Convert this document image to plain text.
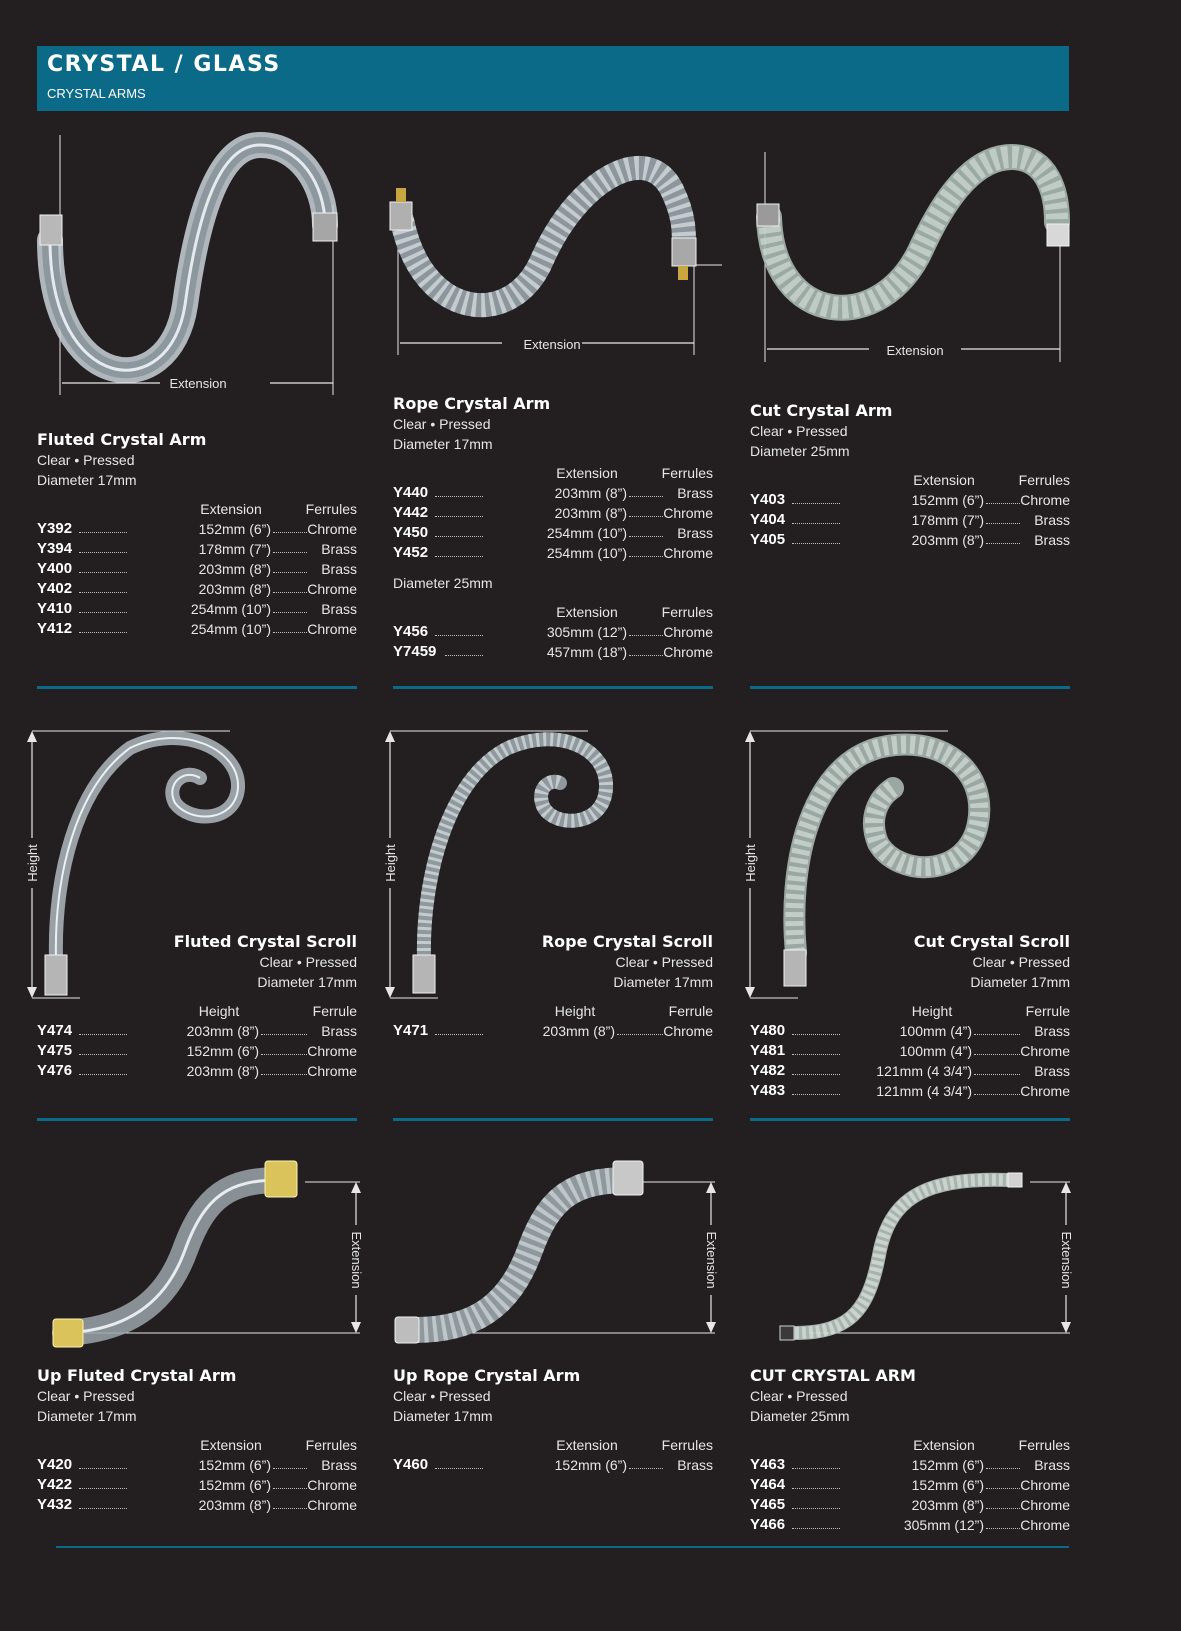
CRYSTAL / GLASS
CRYSTAL ARMS
Extension
Extension	Extension
Fluted Crystal Arm
Clear • Pressed
Diameter 17mm
Extension	Ferrules
Y392	152mm (6”)	Chrome
Y394	178mm (7”)	Brass
Y400	203mm (8”)	Brass
Y402	203mm (8”)	Chrome
Y410	254mm (10”)	Brass
Y412	254mm (10”)	Chrome
Rope Crystal Arm
Clear • Pressed
Diameter 17mm
Extension	Ferrules
Y440	203mm (8”)	Brass
Y442	203mm (8”)	Chrome
Y450	254mm (10”)	Brass
Y452	254mm (10”)	Chrome
Diameter 25mm
Extension	Ferrules
Y456	305mm (12”)	Chrome
Y7459	457mm (18”)	Chrome
Cut Crystal Arm
Clear • Pressed
Diameter 25mm
Extension	Ferrules
Y403	152mm (6”)	Chrome
Y404	178mm (7”)	Brass
Y405	203mm (8”)	Brass
Height	Height	Height
Fluted Crystal Scroll
Clear • Pressed
Diameter 17mm
Height	Ferrule
Y474	203mm (8”)	Brass
Y475	152mm (6”)	Chrome
Y476	203mm (8”)	Chrome
Rope Crystal Scroll
Clear • Pressed
Diameter 17mm
Height	Ferrule
Y471	203mm (8”)	Chrome
Cut Crystal Scroll
Clear • Pressed
Diameter 17mm
Height	Ferrule
Y480	100mm (4”)	Brass
Y481	100mm (4”)	Chrome
Y482	121mm (4 3/4”)	Brass
Y483	121mm (4 3/4”)	Chrome
Extension	Extension	Extension
Up Fluted Crystal Arm
Clear • Pressed
Diameter 17mm
Extension	Ferrules
Y420	152mm (6”)	Brass
Y422	152mm (6”)	Chrome
Y432	203mm (8”)	Chrome
Up Rope Crystal Arm
Clear • Pressed
Diameter 17mm
Extension	Ferrules
Y460	152mm (6”)	Brass
CUT CRYSTAL ARM
Clear • Pressed
Diameter 25mm
Extension	Ferrules
Y463	152mm (6”)	Brass
Y464	152mm (6”)	Chrome
Y465	203mm (8”)	Chrome
Y466	305mm (12”)	Chrome
